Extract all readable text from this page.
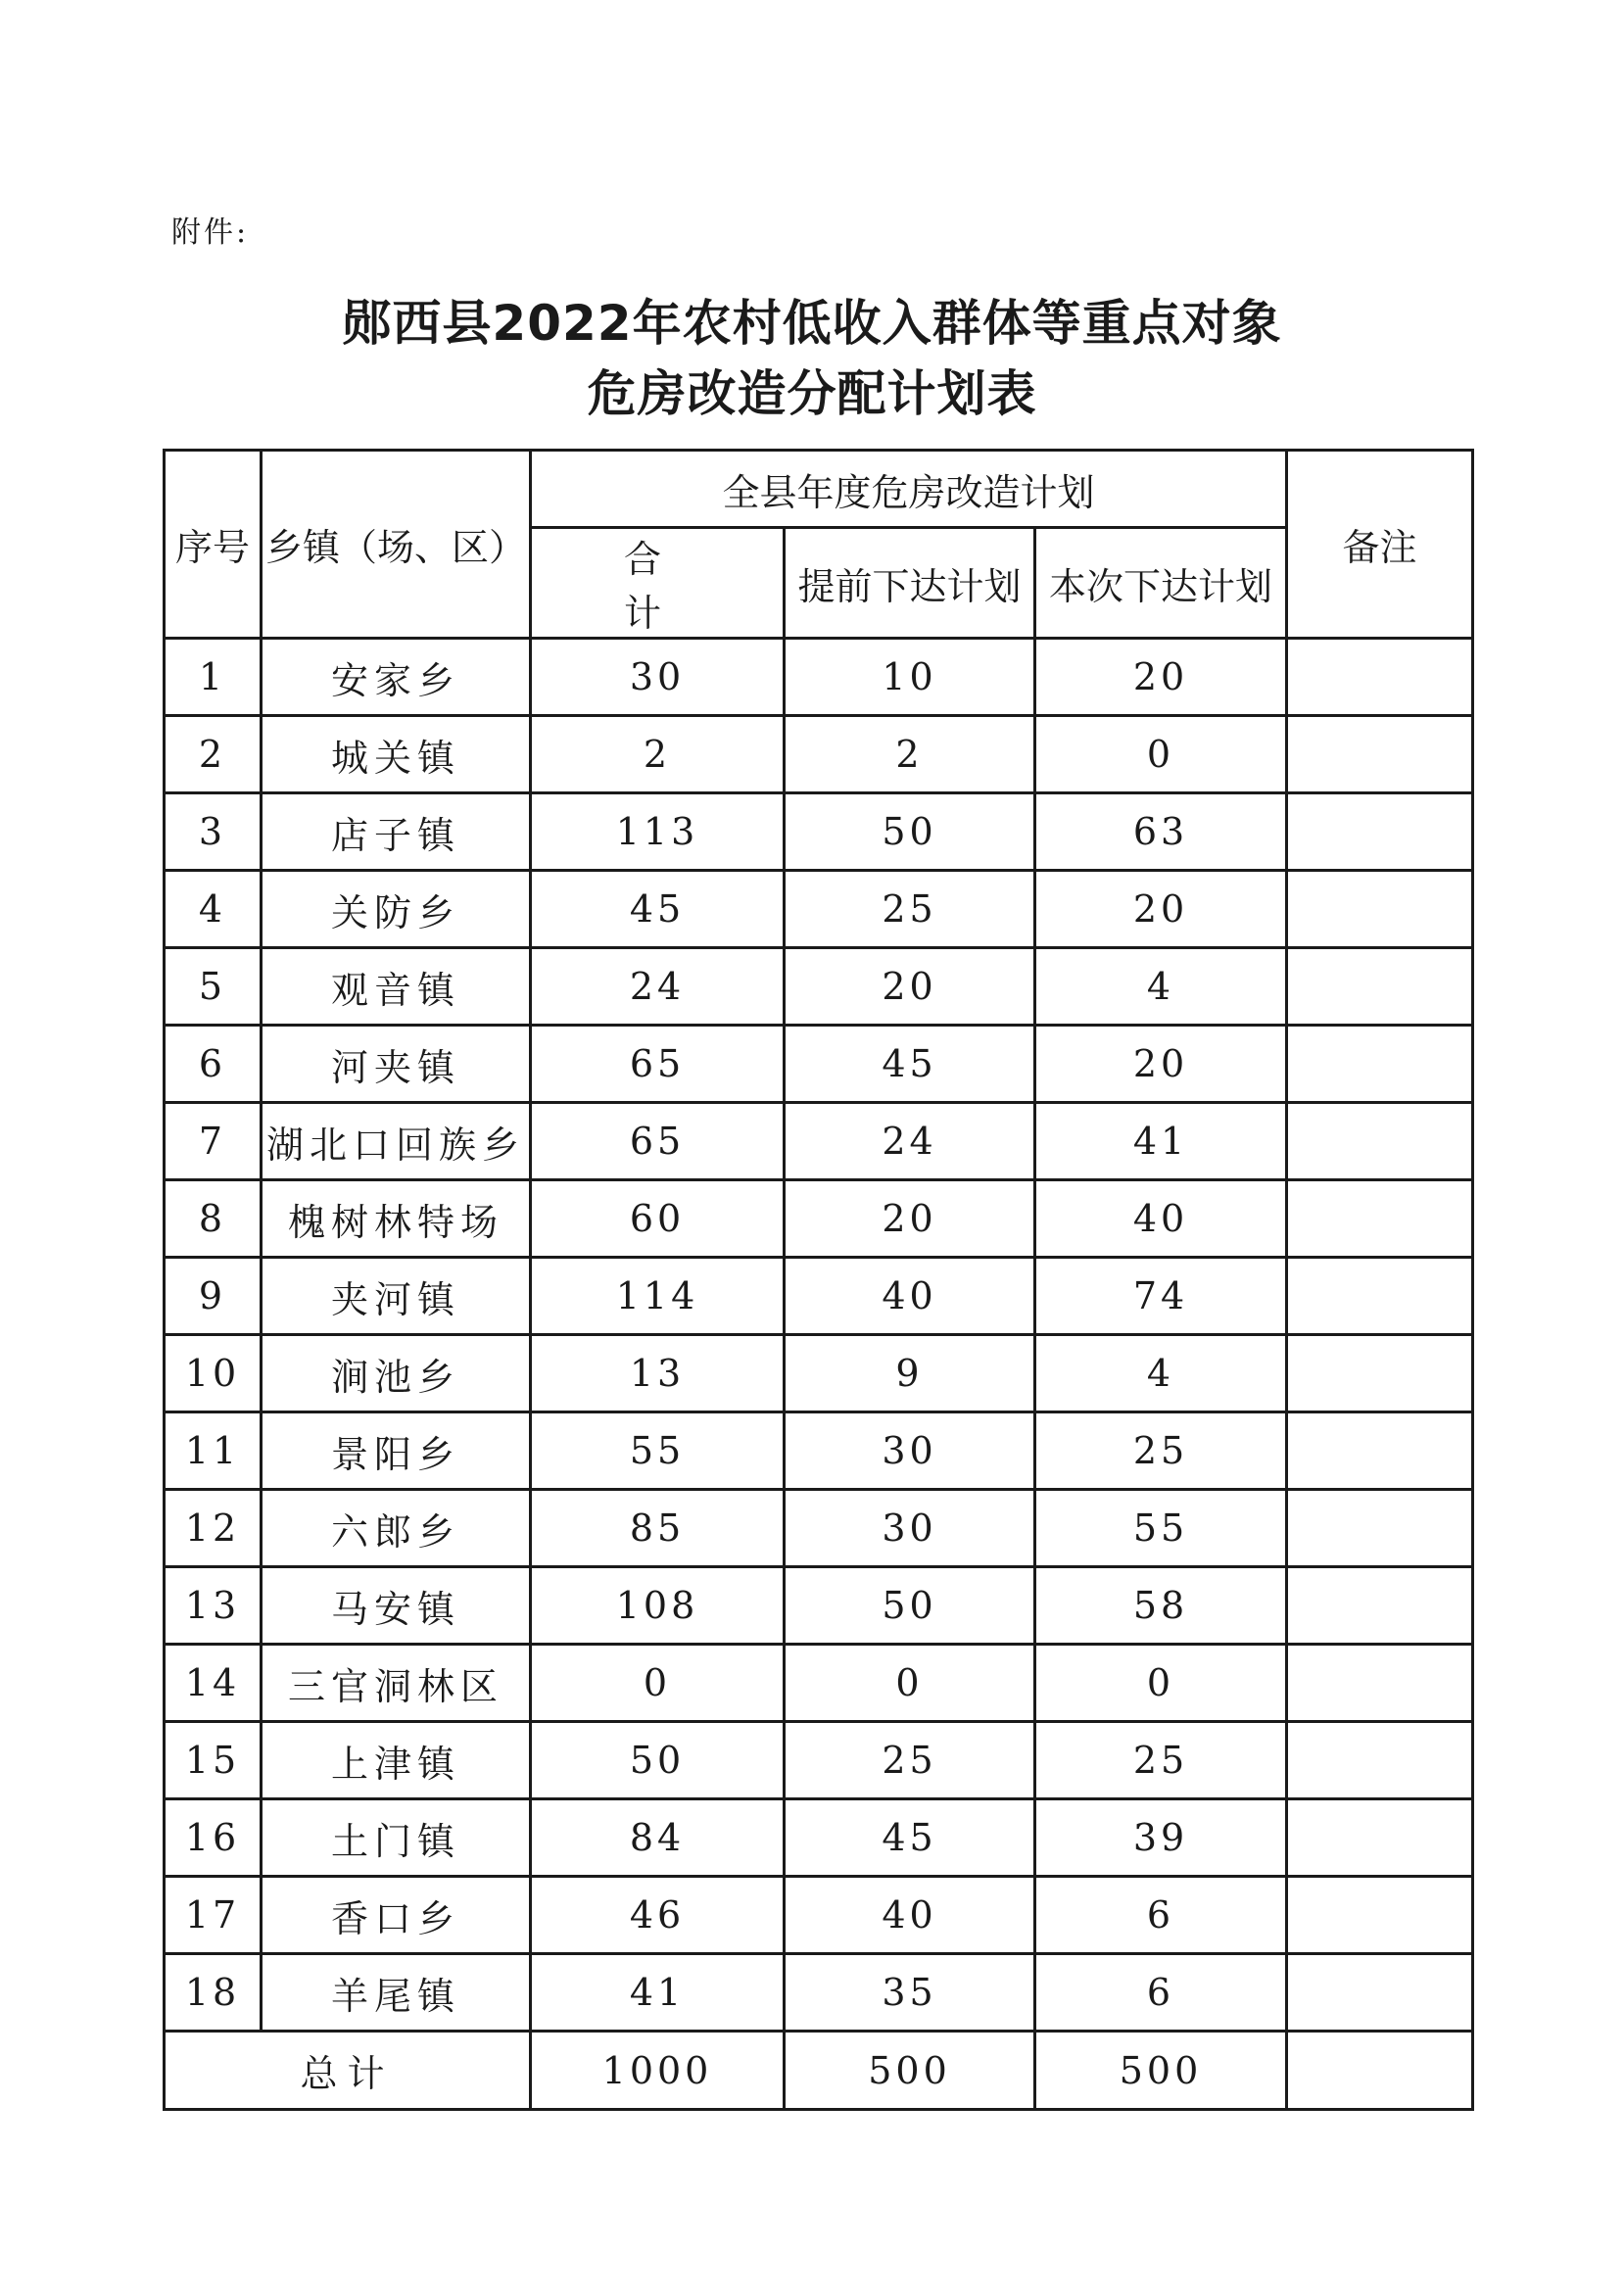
附件:
郧西县2022年农村低收入群体等重点对象
危房改造分配计划表
序号	乡镇（场、区）	全县年度危房改造计划			备注
		合 计	提前下达计划	本次下达计划	
1	安家乡	30	10	20	
2	城关镇	2	2	0	
3	店子镇	113	50	63	
4	关防乡	45	25	20	
5	观音镇	24	20	4	
6	河夹镇	65	45	20	
7	湖北口回族乡	65	24	41	
8	槐树林特场	60	20	40	
9	夹河镇	114	40	74	
10	涧池乡	13	9	4	
11	景阳乡	55	30	25	
12	六郎乡	85	30	55	
13	马安镇	108	50	58	
14	三官洞林区	0	0	0	
15	上津镇	50	25	25	
16	土门镇	84	45	39	
17	香口乡	46	40	6	
18	羊尾镇	41	35	6	
总计		1000	500	500	
